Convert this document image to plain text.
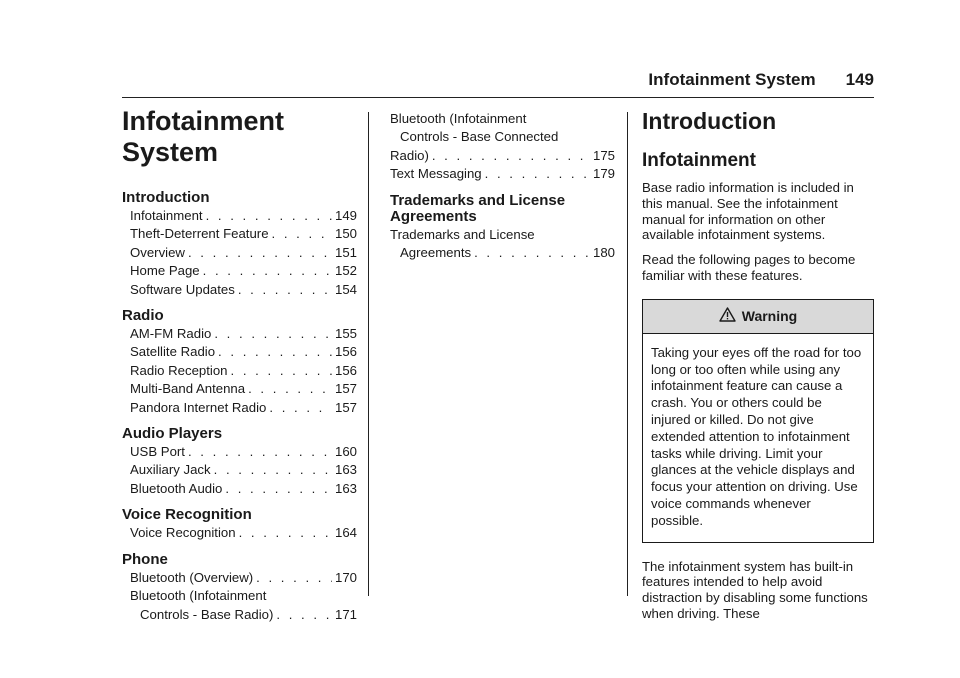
Infotainment System 149
Infotainment
System
Introduction
Infotainment . . .	149
Theft-Deterrent Feature . . .	150
Overview . . .	151
Home Page . . .	152
Software Updates . . .	154
Radio
AM-FM Radio . . .	155
Satellite Radio . . .	156
Radio Reception . . .	156
Multi-Band Antenna . . .	157
Pandora Internet Radio . . .	157
Audio Players
USB Port . . .	160
Auxiliary Jack . . .	163
Bluetooth Audio . . .	163
Voice Recognition
Voice Recognition . . .	164
Phone
Bluetooth (Overview) . . .	170
Bluetooth (Infotainment
Controls - Base Radio) . . .	171
Bluetooth (Infotainment
Controls - Base Connected
Radio) . . .	175
Text Messaging . . .	179
Trademarks and License
Agreements
Trademarks and License
Agreements . . .	180
Introduction
Infotainment

Base radio information is included in this manual. See the infotainment manual for information on other available infotainment systems.

Read the following pages to become familiar with these features.

Warning
Taking your eyes off the road for too long or too often while using any infotainment feature can cause a crash. You or others could be injured or killed. Do not give extended attention to infotainment tasks while driving. Limit your glances at the vehicle displays and focus your attention on driving. Use voice commands whenever possible.

The infotainment system has built-in features intended to help avoid distraction by disabling some functions when driving. These
